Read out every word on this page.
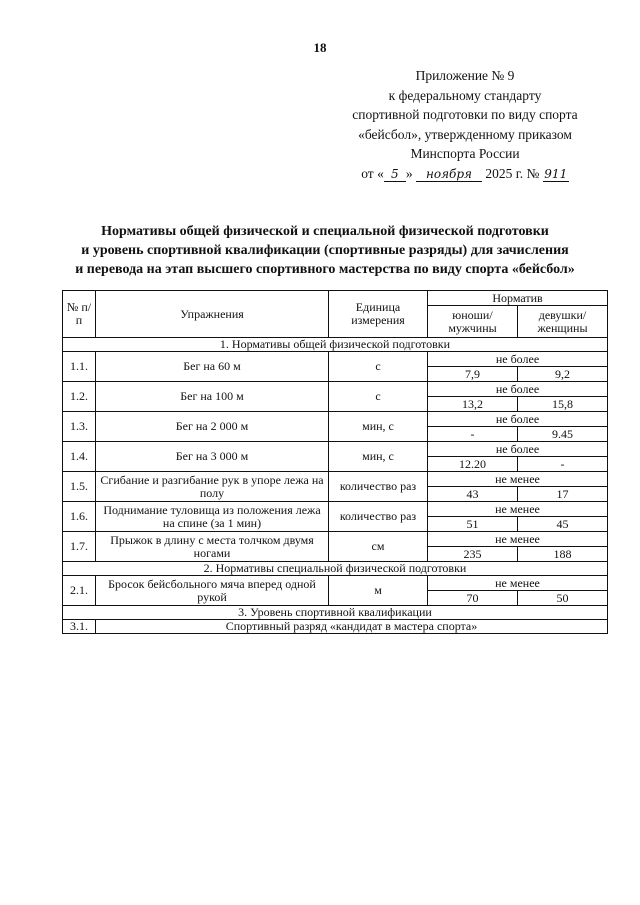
18
Приложение № 9
к федеральному стандарту
спортивной подготовки по виду спорта
«бейсбол», утвержденному приказом
Минспорта России
от « 5 » ноября 2025 г. № 911
Нормативы общей физической и специальной физической подготовки
и уровень спортивной квалификации (спортивные разряды) для зачисления
и перевода на этап высшего спортивного мастерства по виду спорта «бейсбол»
№ п/п	Упражнения	Единица измерения	Норматив	
			юноши/ мужчины	девушки/ женщины
1. Нормативы общей физической подготовки				
1.1.	Бег на 60 м	с	не более	
			7,9	9,2
1.2.	Бег на 100 м	с	не более	
			13,2	15,8
1.3.	Бег на 2 000 м	мин, с	не более	
			-	9.45
1.4.	Бег на 3 000 м	мин, с	не более	
			12.20	-
1.5.	Сгибание и разгибание рук в упоре лежа на полу	количество раз	не менее	
			43	17
1.6.	Поднимание туловища из положения лежа на спине (за 1 мин)	количество раз	не менее	
			51	45
1.7.	Прыжок в длину с места толчком двумя ногами	см	не менее	
			235	188
2. Нормативы специальной физической подготовки				
2.1.	Бросок бейсбольного мяча вперед одной рукой	м	не менее	
			70	50
3. Уровень спортивной квалификации				
3.1.	Спортивный разряд «кандидат в мастера спорта»			
